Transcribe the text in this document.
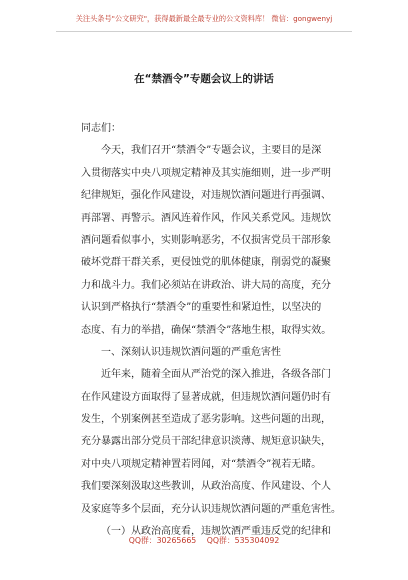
关注头条号"公文研究"，获得最新最全最专业的公文资料库！ 微信：gongwenyj
在“禁酒令”专题会议上的讲话
同志们：
今天，我们召开“禁酒令”专题会议，主要目的是深
入贯彻落实中央八项规定精神及其实施细则，进一步严明
纪律规矩，强化作风建设，对违规饮酒问题进行再强调、
再部署、再警示。酒风连着作风，作风关系党风。违规饮
酒问题看似事小，实则影响恶劣，不仅损害党员干部形象
破坏党群干群关系，更侵蚀党的肌体健康，削弱党的凝聚
力和战斗力。我们必须站在讲政治、讲大局的高度，充分
认识到严格执行“禁酒令”的重要性和紧迫性，以坚决的
态度、有力的举措，确保“禁酒令”落地生根，取得实效。
一、深刻认识违规饮酒问题的严重危害性
近年来，随着全面从严治党的深入推进，各级各部门
在作风建设方面取得了显著成就，但违规饮酒问题仍时有
发生，个别案例甚至造成了恶劣影响。这些问题的出现，
充分暴露出部分党员干部纪律意识淡薄、规矩意识缺失，
对中央八项规定精神置若罔闻，对“禁酒令”视若无睹。
我们要深刻汲取这些教训，从政治高度、作风建设、个人
及家庭等多个层面，充分认识违规饮酒问题的严重危害性。
（一）从政治高度看，违规饮酒严重违反党的纪律和
QQ群：30265665 QQ群：535304092
